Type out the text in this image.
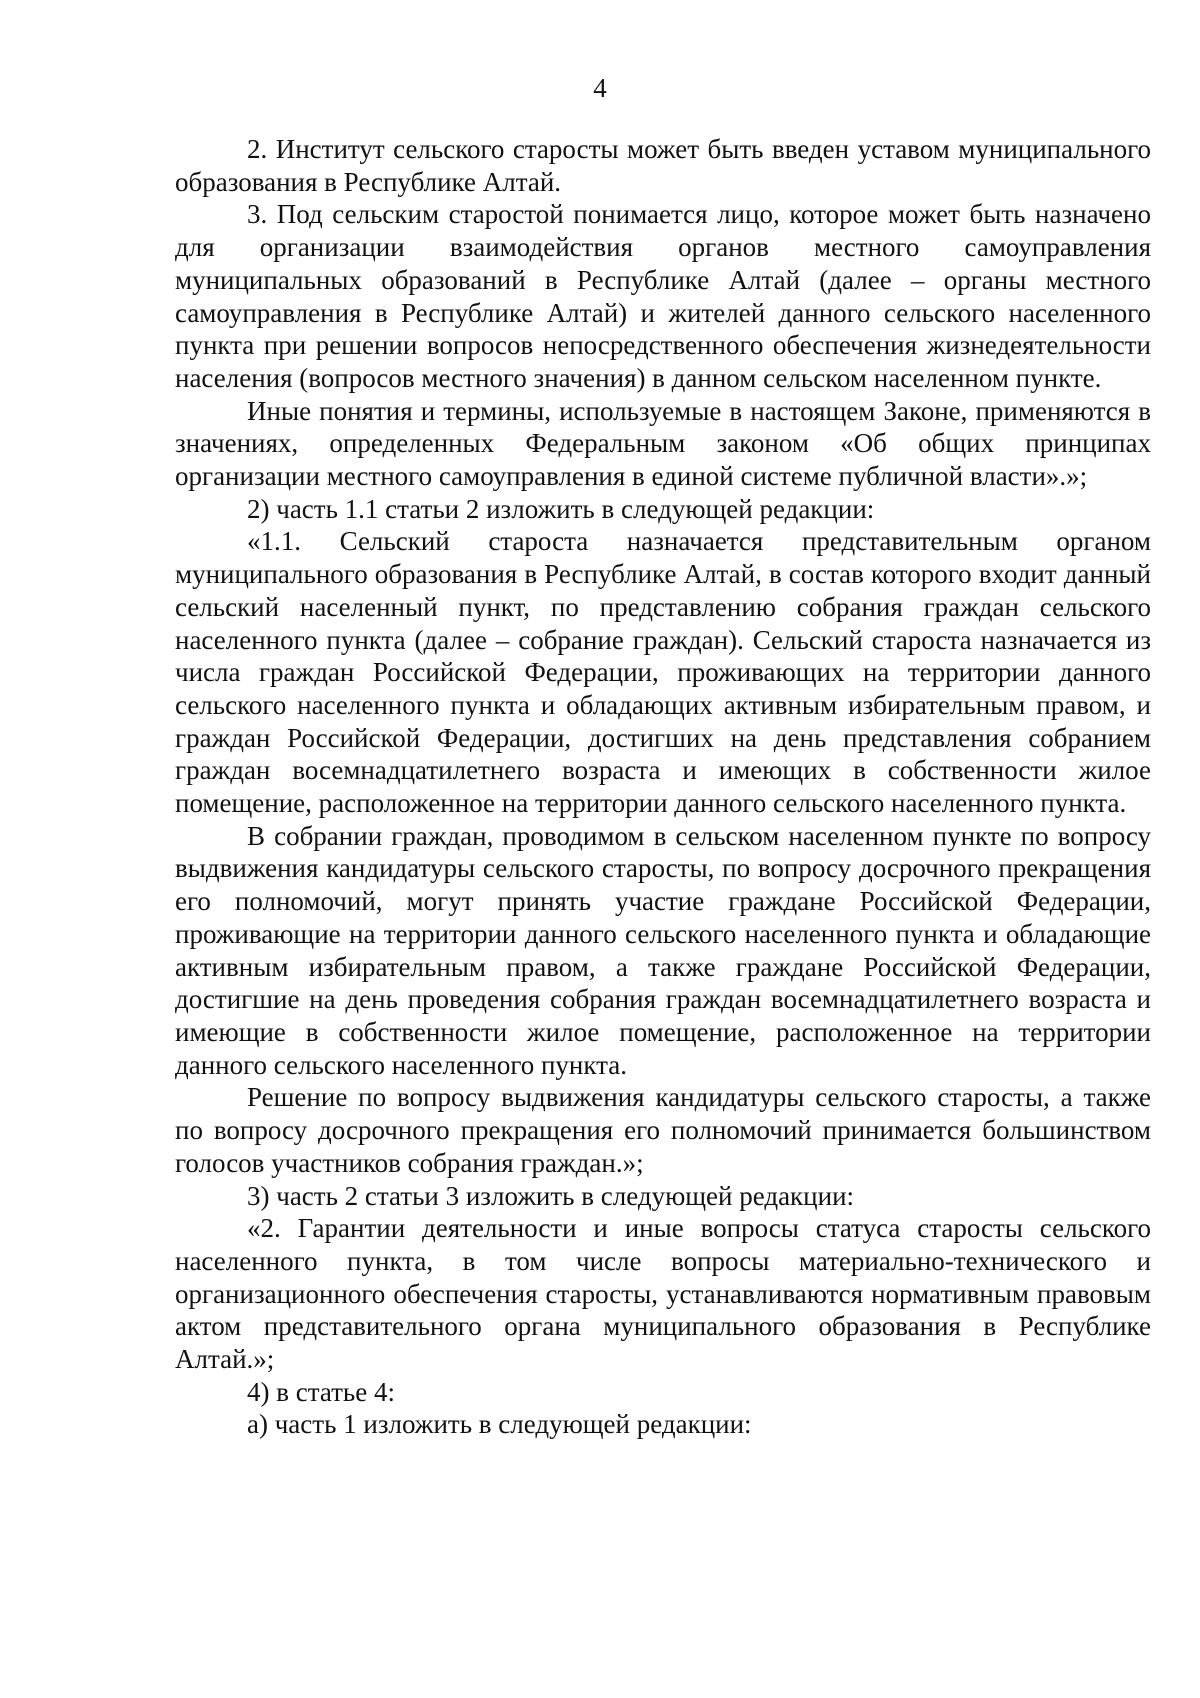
4

2. Институт сельского старосты может быть введен уставом муниципального образования в Республике Алтай.

3. Под сельским старостой понимается лицо, которое может быть назначено для организации взаимодействия органов местного самоуправления муниципальных образований в Республике Алтай (далее – органы местного самоуправления в Республике Алтай) и жителей данного сельского населенного пункта при решении вопросов непосредственного обеспечения жизнедеятельности населения (вопросов местного значения) в данном сельском населенном пункте.

Иные понятия и термины, используемые в настоящем Законе, применяются в значениях, определенных Федеральным законом «Об общих принципах организации местного самоуправления в единой системе публичной власти».»;

2) часть 1.1 статьи 2 изложить в следующей редакции:

«1.1. Сельский староста назначается представительным органом муниципального образования в Республике Алтай, в состав которого входит данный сельский населенный пункт, по представлению собрания граждан сельского населенного пункта (далее – собрание граждан). Сельский староста назначается из числа граждан Российской Федерации, проживающих на территории данного сельского населенного пункта и обладающих активным избирательным правом, и граждан Российской Федерации, достигших на день представления собранием граждан восемнадцатилетнего возраста и имеющих в собственности жилое помещение, расположенное на территории данного сельского населенного пункта.

В собрании граждан, проводимом в сельском населенном пункте по вопросу выдвижения кандидатуры сельского старосты, по вопросу досрочного прекращения его полномочий, могут принять участие граждане Российской Федерации, проживающие на территории данного сельского населенного пункта и обладающие активным избирательным правом, а также граждане Российской Федерации, достигшие на день проведения собрания граждан восемнадцатилетнего возраста и имеющие в собственности жилое помещение, расположенное на территории данного сельского населенного пункта.

Решение по вопросу выдвижения кандидатуры сельского старосты, а также по вопросу досрочного прекращения его полномочий принимается большинством голосов участников собрания граждан.»;

3) часть 2 статьи 3 изложить в следующей редакции:

«2. Гарантии деятельности и иные вопросы статуса старосты сельского населенного пункта, в том числе вопросы материально-технического и организационного обеспечения старосты, устанавливаются нормативным правовым актом представительного органа муниципального образования в Республике Алтай.»;

4) в статье 4:

а) часть 1 изложить в следующей редакции:
